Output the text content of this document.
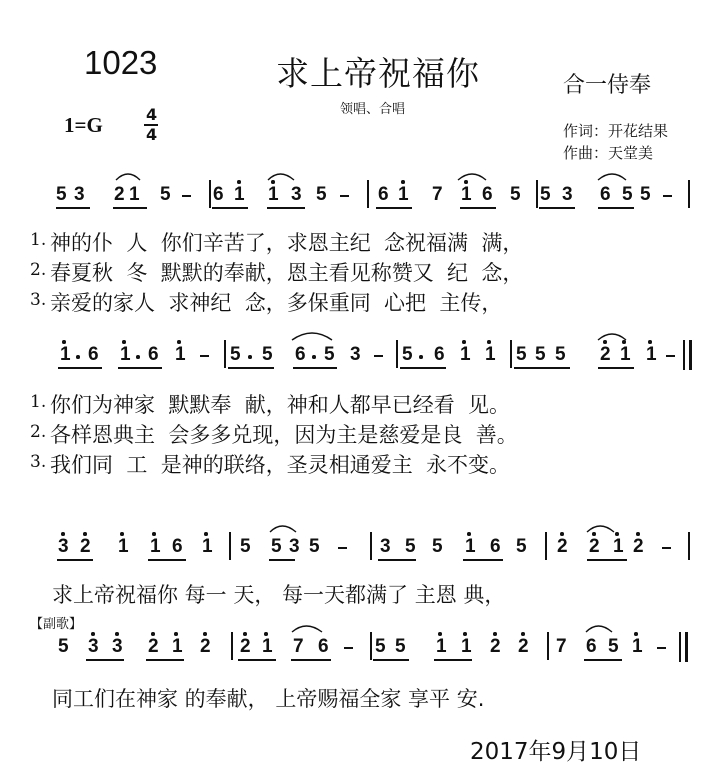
1023	求上帝祝福你	合一侍奉
领唱、合唱
1=G	4
4	作词：开花结果
作曲：天堂美
5 3 2 1 5 6 1 1 3 5	6 1 7 1 6 5 5 3 6 5 5
1.
2.
3.
神的仆  人  你们辛苦了，求恩主纪  念祝福满  满，
春夏秋  冬  默默的奉献，恩主看见称赞又  纪  念，
亲爱的家人  求神纪  念，多保重同  心把  主传，
1 6 1 6 1 5 5 6 5 3 5 6 1 1 5 5 5 2 1 1
1.
2.
3.
你们为神家  默默奉  献，神和人都早已经看  见。
各样恩典主  会多多兑现，因为主是慈爱是良  善。
我们同  工  是神的联络，圣灵相通爱主  永不变。
3 2 1 1 6 1 5 5 3 5	3 5 5 1 6 5 2 2 1 2
求上帝祝福你 每一 天， 每一天都满了 主恩 典，
【副歌】
5 3 3 2 1 2 2 1 7 6 5 5 1 1 2 2 7 6 5 1
同工们在神家 的奉献， 上帝赐福全家 享平 安.
2017年9月10日
